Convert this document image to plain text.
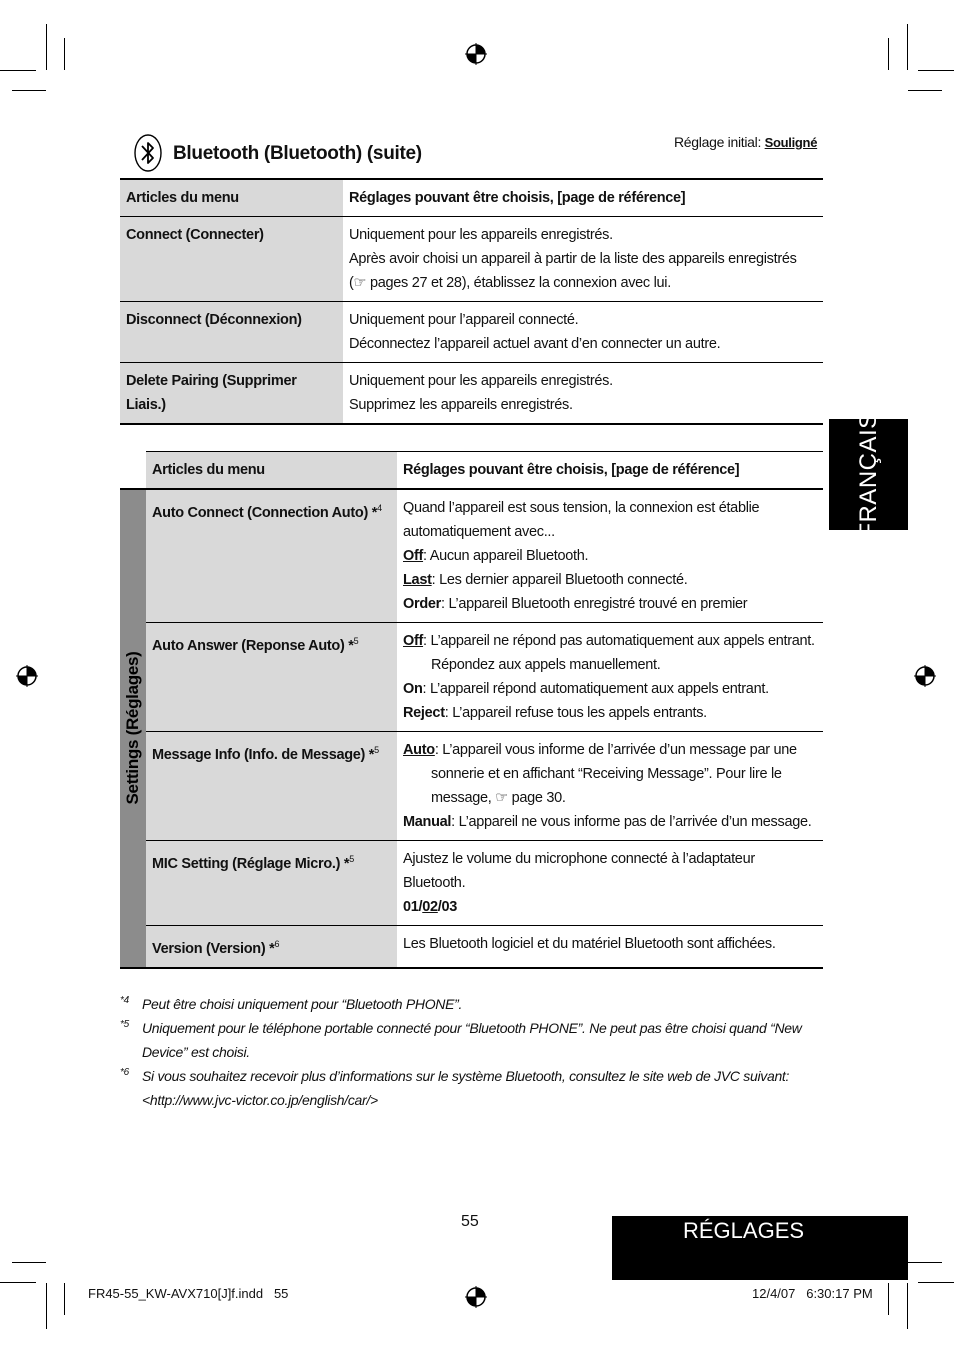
Bluetooth (Bluetooth) (suite)
Réglage initial: Souligné
Articles du menu	Réglages pouvant être choisis, [page de référence]
Connect (Connecter)	Uniquement pour les appareils enregistrés.
Après avoir choisi un appareil à partir de la liste des appareils enregistrés (☞ pages 27 et 28), établissez la connexion avec lui.

Disconnect (Déconnexion)	Uniquement pour l’appareil connecté.
Déconnectez l’appareil actuel avant d’en connecter un autre.

Delete Pairing (Supprimer Liais.)	Uniquement pour les appareils enregistrés.
Supprimez les appareils enregistrés.
	Articles du menu	Réglages pouvant être choisis, [page de référence]

Settings (Réglages)	Auto Connect (Connection Auto) *$^4$	Quand l’appareil est sous tension, la connexion est établie automatiquement avec...
Off: Aucun appareil Bluetooth.
Last: Les dernier appareil Bluetooth connecté.
Order: L’appareil Bluetooth enregistré trouvé en premier

	Auto Answer (Reponse Auto) *$^5$	Off: L’appareil ne répond pas automatiquement aux appels entrant. Répondez aux appels manuellement.
On: L’appareil répond automatiquement aux appels entrant.
Reject: L’appareil refuse tous les appels entrants.

	Message Info (Info. de Message) *$^5$	Auto: L’appareil vous informe de l’arrivée d’un message par une sonnerie et en affichant “Receiving Message”. Pour lire le message, ☞ page 30.
Manual: L’appareil ne vous informe pas de l’arrivée d’un message.

	MIC Setting (Réglage Micro.) *$^5$	Ajustez le volume du microphone connecté à l’adaptateur Bluetooth.
01/02/03

	Version (Version) *$^6$	Les Bluetooth logiciel et du matériel Bluetooth sont affichées.
*4 Peut être choisi uniquement pour “Bluetooth PHONE”.
*5 Uniquement pour le téléphone portable connecté pour “Bluetooth PHONE”. Ne peut pas être choisi quand “New Device” est choisi.
*6 Si vous souhaitez recevoir plus d’informations sur le système Bluetooth, consultez le site web de JVC suivant: <http://www.jvc-victor.co.jp/english/car/>
FRANÇAIS
RÉGLAGES
55
FR45-55_KW-AVX710[J]f.indd   55	12/4/07   6:30:17 PM
